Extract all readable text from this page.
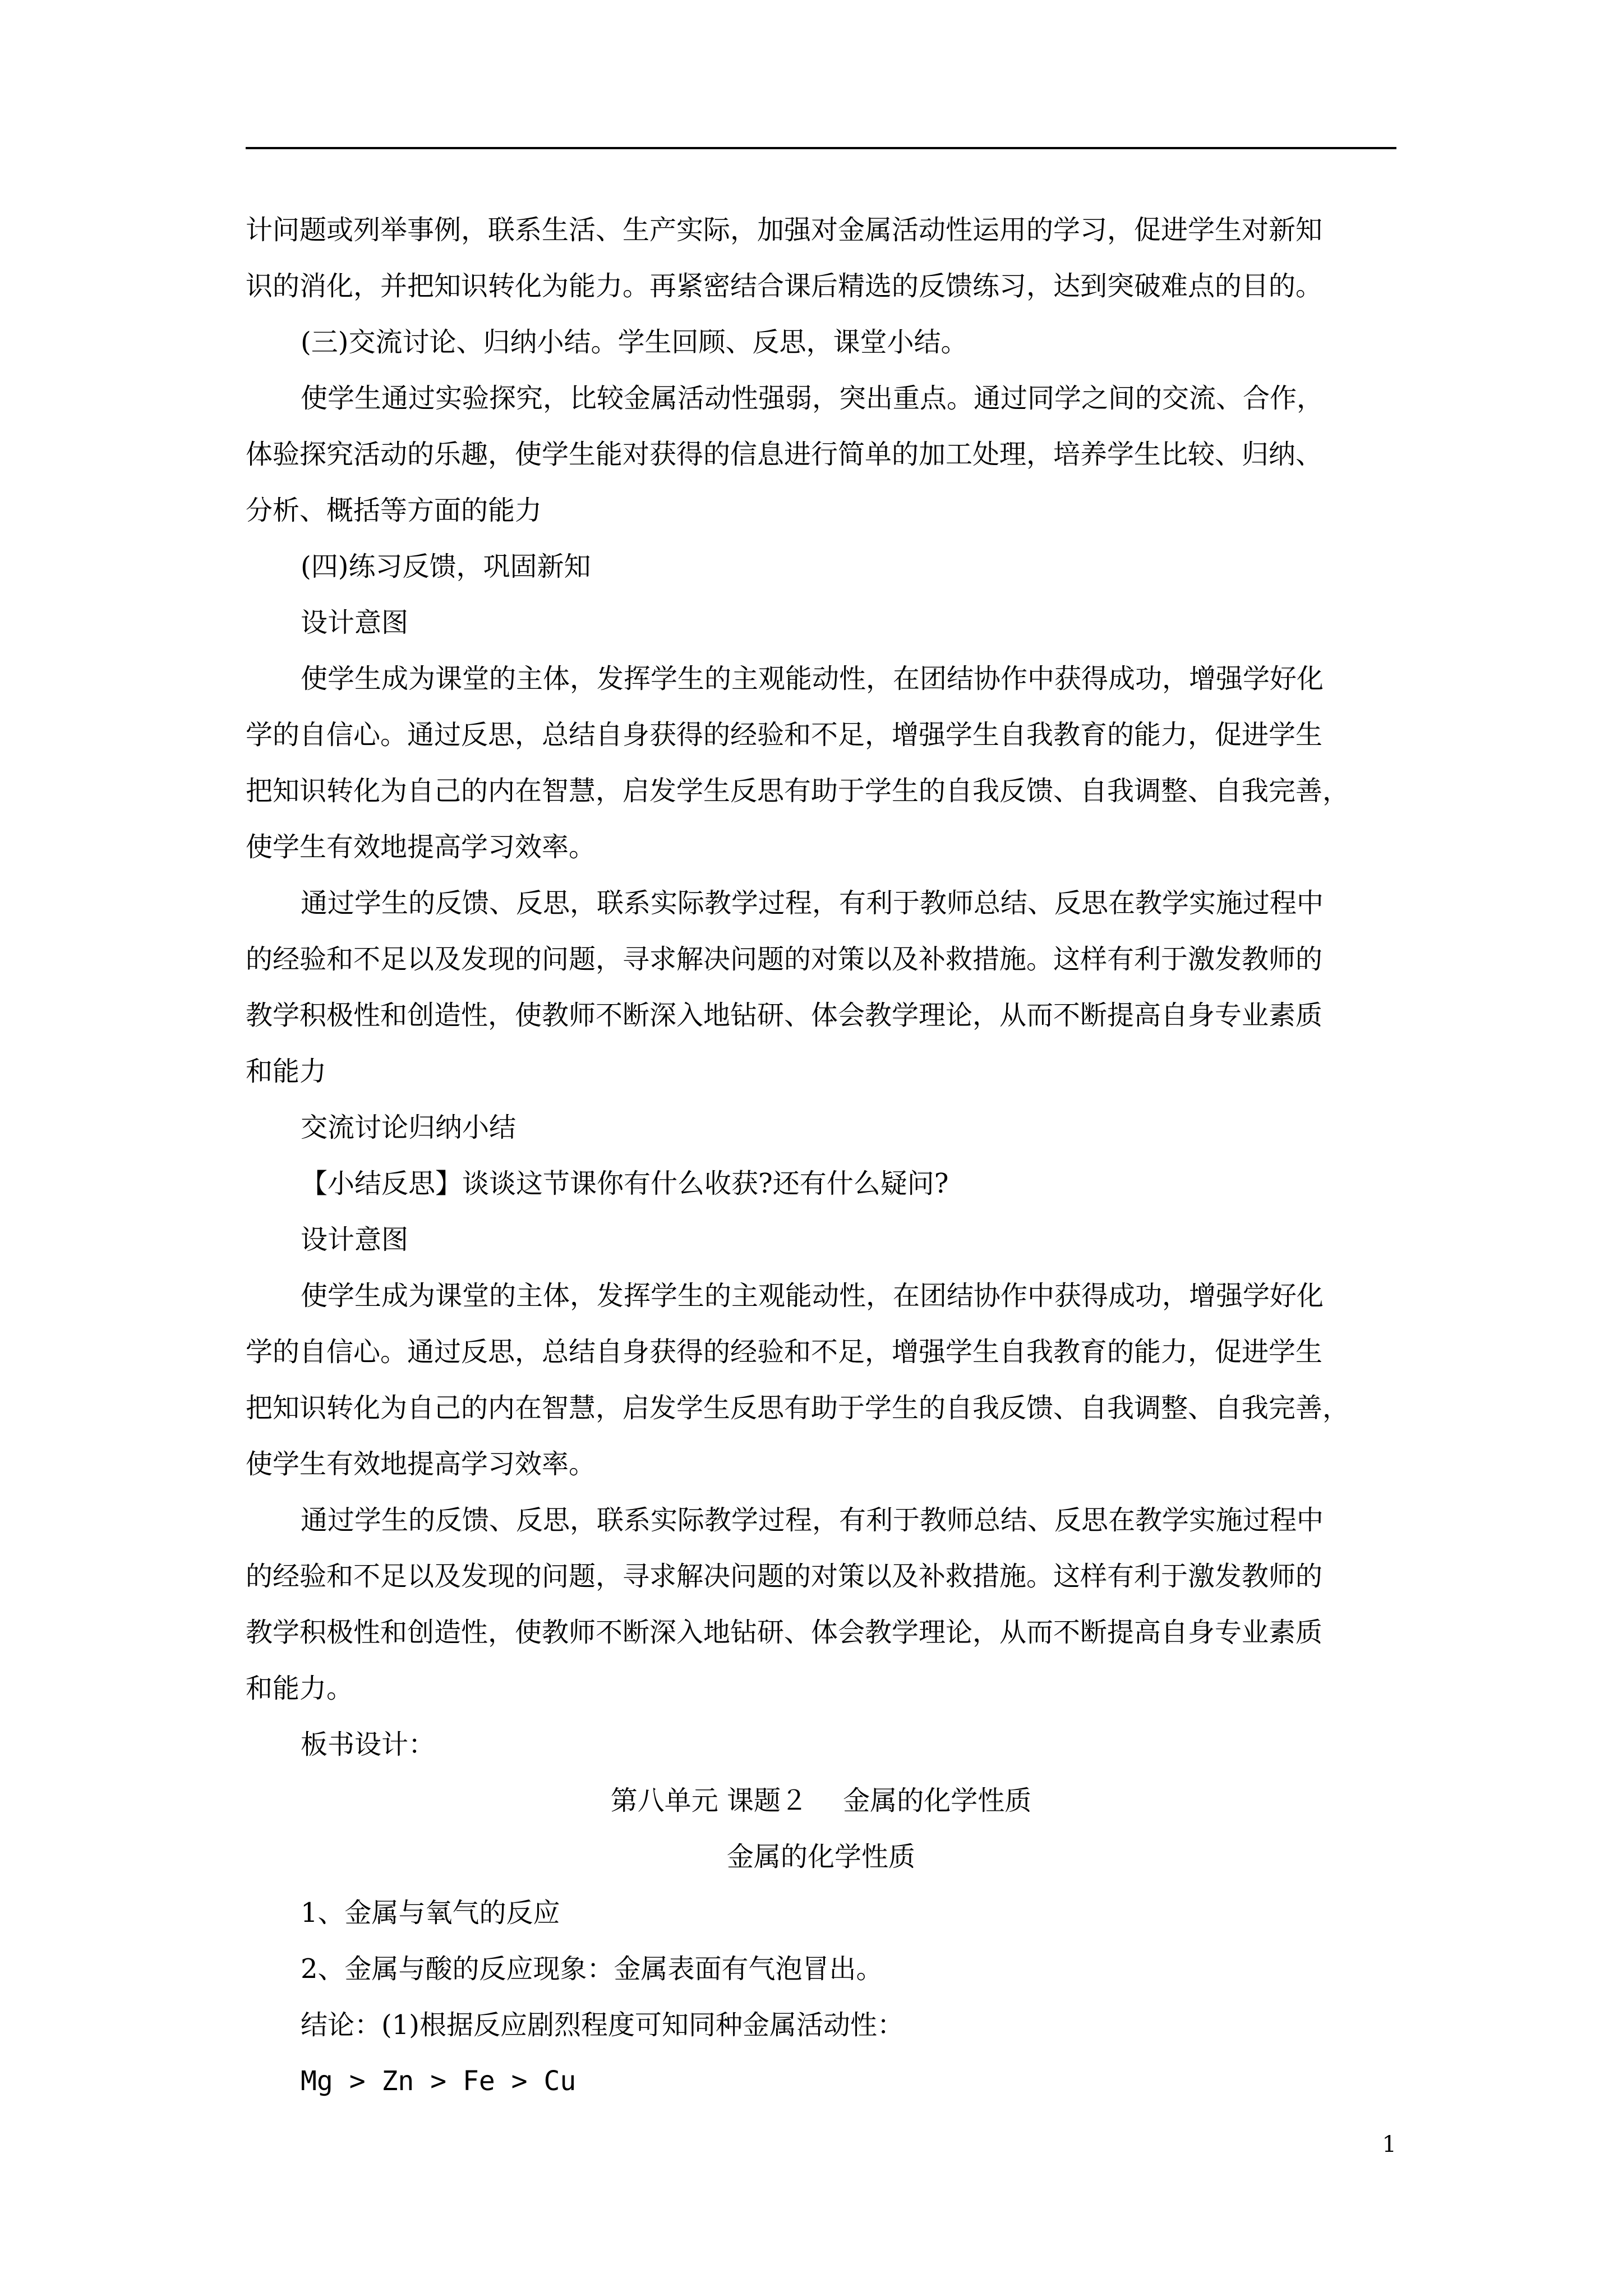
计问题或列举事例，联系生活、生产实际，加强对金属活动性运用的学习，促进学生对新知

识的消化，并把知识转化为能力。再紧密结合课后精选的反馈练习，达到突破难点的目的。

(三)交流讨论、归纳小结。学生回顾、反思，课堂小结。

使学生通过实验探究，比较金属活动性强弱，突出重点。通过同学之间的交流、合作，

体验探究活动的乐趣，使学生能对获得的信息进行简单的加工处理，培养学生比较、归纳、

分析、概括等方面的能力

(四)练习反馈，巩固新知

设计意图

使学生成为课堂的主体，发挥学生的主观能动性，在团结协作中获得成功，增强学好化

学的自信心。通过反思，总结自身获得的经验和不足，增强学生自我教育的能力，促进学生

把知识转化为自己的内在智慧，启发学生反思有助于学生的自我反馈、自我调整、自我完善，

使学生有效地提高学习效率。

通过学生的反馈、反思，联系实际教学过程，有利于教师总结、反思在教学实施过程中

的经验和不足以及发现的问题，寻求解决问题的对策以及补救措施。这样有利于激发教师的

教学积极性和创造性，使教师不断深入地钻研、体会教学理论，从而不断提高自身专业素质

和能力

交流讨论归纳小结

【小结反思】谈谈这节课你有什么收获?还有什么疑问?

设计意图

使学生成为课堂的主体，发挥学生的主观能动性，在团结协作中获得成功，增强学好化

学的自信心。通过反思，总结自身获得的经验和不足，增强学生自我教育的能力，促进学生

把知识转化为自己的内在智慧，启发学生反思有助于学生的自我反馈、自我调整、自我完善，

使学生有效地提高学习效率。

通过学生的反馈、反思，联系实际教学过程，有利于教师总结、反思在教学实施过程中

的经验和不足以及发现的问题，寻求解决问题的对策以及补救措施。这样有利于激发教师的

教学积极性和创造性，使教师不断深入地钻研、体会教学理论，从而不断提高自身专业素质

和能力。

板书设计：

第八单元 课题２　 金属的化学性质

金属的化学性质

1、金属与氧气的反应

2、金属与酸的反应现象：金属表面有气泡冒出。

结论：(1)根据反应剧烈程度可知同种金属活动性：

Mg > Zn > Fe > Cu

1
